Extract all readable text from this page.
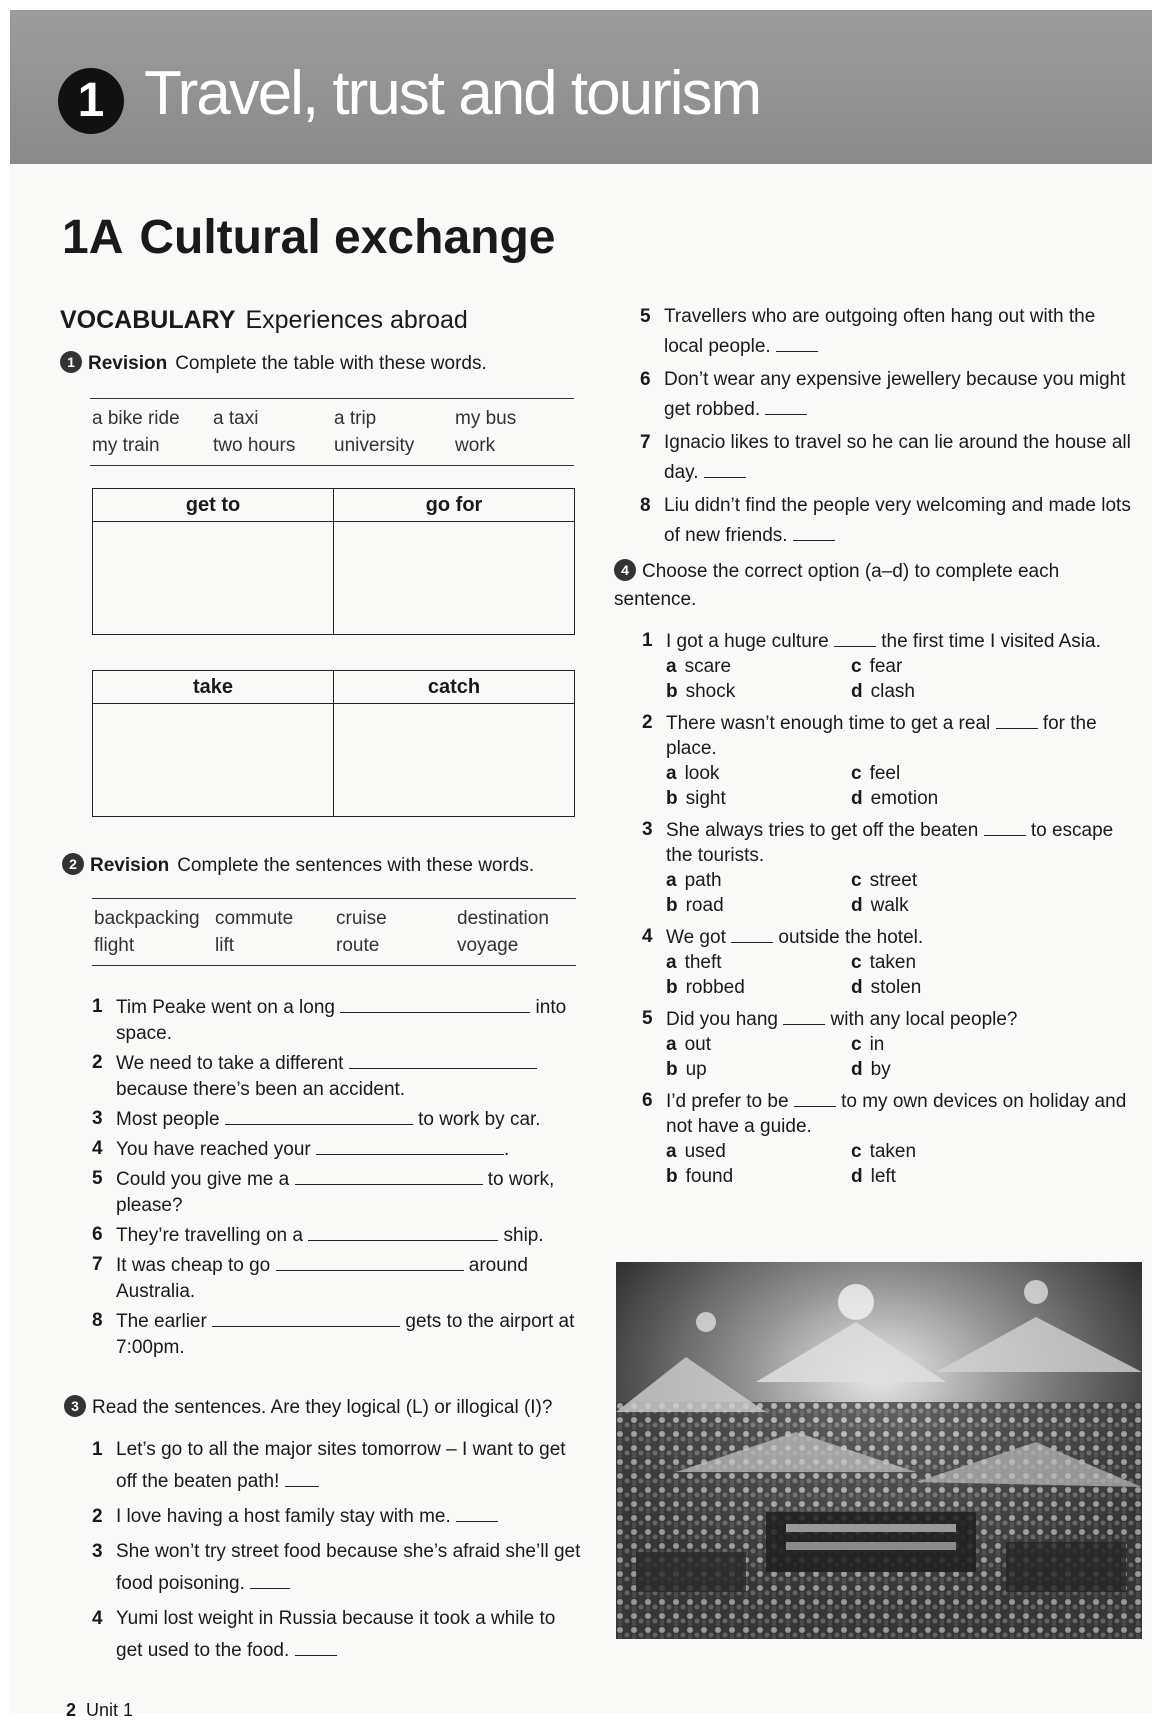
1 Travel, trust and tourism
1A Cultural exchange
VOCABULARY Experiences abroad
1 Revision Complete the table with these words.
a bike ride	a taxi	a trip	my bus
my train	two hours	university	work
get to	go for

take	catch

2 Revision Complete the sentences with these words.
backpacking commute	cruise	destination
flight	lift	route	voyage
1 Tim Peake went on a long	into space.
2 We need to take a different  because there’s been an accident.
3 Most people	to work by car.
4 You have reached your	.
5 Could you give me a	to work, please?
6 They’re travelling on a	ship.
7 It was cheap to go	around Australia.
8 The earlier	gets to the airport at 7:00pm.
3 Read the sentences. Are they logical (L) or illogical (I)?
1 Let’s go to all the major sites tomorrow – I want to get off the beaten path!
2 I love having a host family stay with me.
3 She won’t try street food because she’s afraid she’ll get food poisoning.
4 Yumi lost weight in Russia because it took a while to get used to the food.
5 Travellers who are outgoing often hang out with the local people.
6 Don’t wear any expensive jewellery because you might get robbed.
7 Ignacio likes to travel so he can lie around the house all day.
8 Liu didn’t find the people very welcoming and made lots of new friends.
4 Choose the correct option (a–d) to complete each sentence.
1 I got a huge culture	the first time I visited Asia.
a scare	c fear
b shock	d clash
2 There wasn’t enough time to get a real	for the place.
a look	c feel
b sight	d emotion
3 She always tries to get off the beaten	to escape the tourists.
a path	c street
b road	d walk
4 We got	outside the hotel.
a theft	c taken
b robbed	d stolen
5 Did you hang	with any local people?
a out	c in
b up	d by
6 I’d prefer to be	to my own devices on holiday and not have a guide.
a used	c taken
b found	d left
2 Unit 1
